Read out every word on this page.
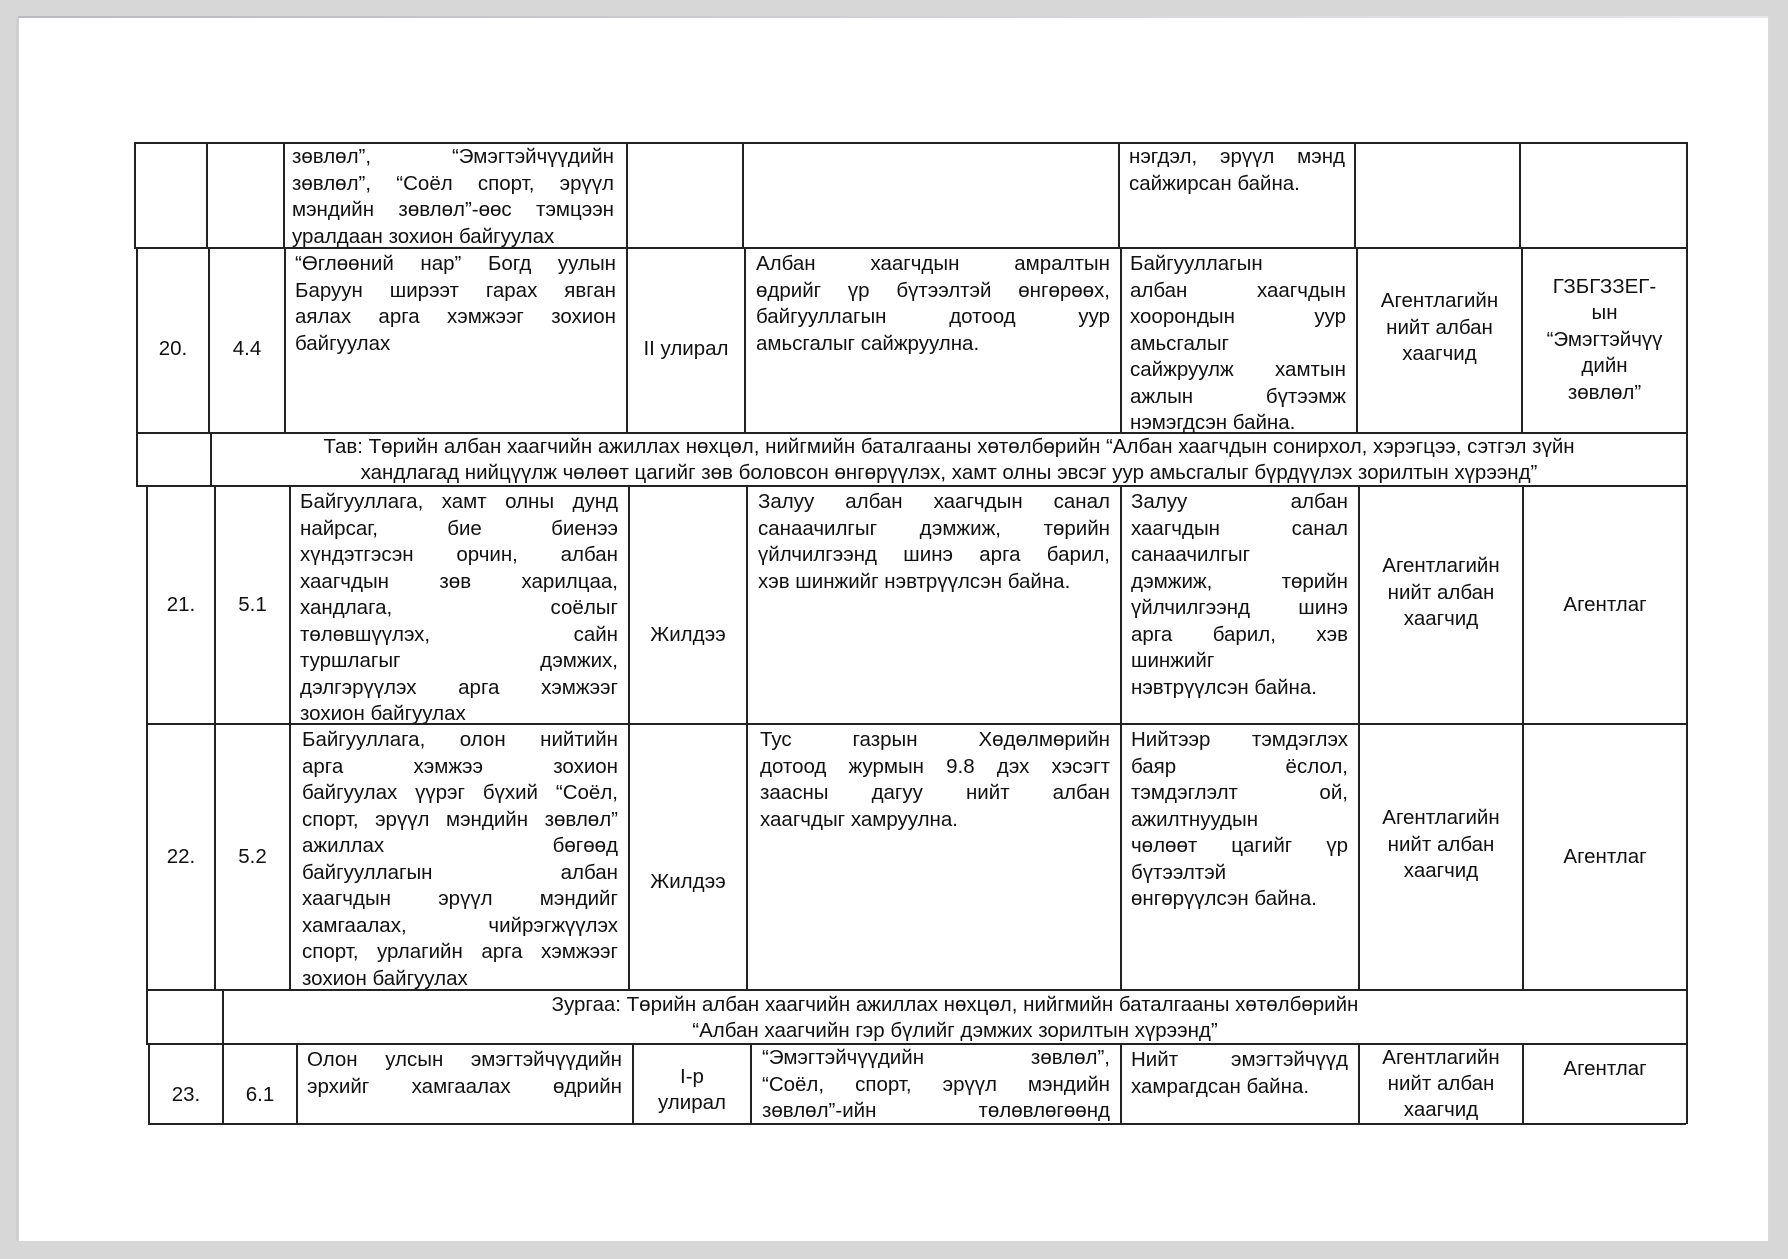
зөвлөл”, “Эмэгтэйчүүдийн
зөвлөл”, “Соёл спорт, эрүүл
мэндийн зөвлөл”-өөс тэмцээн
уралдаан зохион байгуулах
нэгдэл, эрүүл мэнд
сайжирсан байна.
20. 4.4
“Өглөөний нар” Богд уулын
Баруун ширээт гарах явган
аялах арга хэмжээг зохион
байгуулах	II улирал
Албан хаагчдын амралтын
өдрийг үр бүтээлтэй өнгөрөөх,
байгууллагын дотоод уур
амьсгалыг сайжруулна.
Байгууллагын
албан хаагчдын
хоорондын уур
амьсгалыг
сайжруулж хамтын
ажлын бүтээмж
нэмэгдсэн байна.
Агентлагийн
нийт албан
хаагчид
ГЗБГЗЗЕГ-
ын
“Эмэгтэйчүү
дийн
зөвлөл”
Тав: Төрийн албан хаагчийн ажиллах нөхцөл, нийгмийн баталгааны хөтөлбөрийн “Албан хаагчдын сонирхол, хэрэгцээ, сэтгэл зүйн
хандлагад нийцүүлж чөлөөт цагийг зөв боловсон өнгөрүүлэх, хамт олны эвсэг уур амьсгалыг бүрдүүлэх зорилтын хүрээнд”
21. 5.1
Байгууллага, хамт олны дунд
найрсаг, бие биенээ
хүндэтгэсэн орчин, албан
хаагчдын зөв харилцаа,
хандлага, соёлыг
төлөвшүүлэх, сайн
туршлагыг дэмжих,
дэлгэрүүлэх арга хэмжээг
зохион байгуулах
Жилдээ
Залуу албан хаагчдын санал
санаачилгыг дэмжиж, төрийн
үйлчилгээнд шинэ арга барил,
хэв шинжийг нэвтрүүлсэн байна.
Залуу албан
хаагчдын санал
санаачилгыг
дэмжиж, төрийн
үйлчилгээнд шинэ
арга барил, хэв
шинжийг
нэвтрүүлсэн байна.
Агентлагийн
нийт албан
хаагчид
Агентлаг
22. 5.2
Байгууллага, олон нийтийн
арга хэмжээ зохион
байгуулах үүрэг бүхий “Соёл,
спорт, эрүүл мэндийн зөвлөл”
ажиллах бөгөөд
байгууллагын албан
хаагчдын эрүүл мэндийг
хамгаалах, чийрэгжүүлэх
спорт, урлагийн арга хэмжээг
зохион байгуулах
Жилдээ
Тус газрын Хөдөлмөрийн
дотоод журмын 9.8 дэх хэсэгт
заасны дагуу нийт албан
хаагчдыг хамруулна.
Нийтээр тэмдэглэх
баяр ёслол,
тэмдэглэлт ой,
ажилтнуудын
чөлөөт цагийг үр
бүтээлтэй
өнгөрүүлсэн байна.
Агентлагийн
нийт албан
хаагчид
Агентлаг
Зургаа: Төрийн албан хаагчийн ажиллах нөхцөл, нийгмийн баталгааны хөтөлбөрийн
“Албан хаагчийн гэр бүлийг дэмжих зорилтын хүрээнд”
23. 6.1
Олон улсын эмэгтэйчүүдийн
эрхийг хамгаалах өдрийн	I-р
улирал
“Эмэгтэйчүүдийн зөвлөл”,
“Соёл, спорт, эрүүл мэндийн
зөвлөл”-ийн төлөвлөгөөнд
Нийт эмэгтэйчүүд
хамрагдсан байна.
Агентлагийн
нийт албан
хаагчид
Агентлаг
